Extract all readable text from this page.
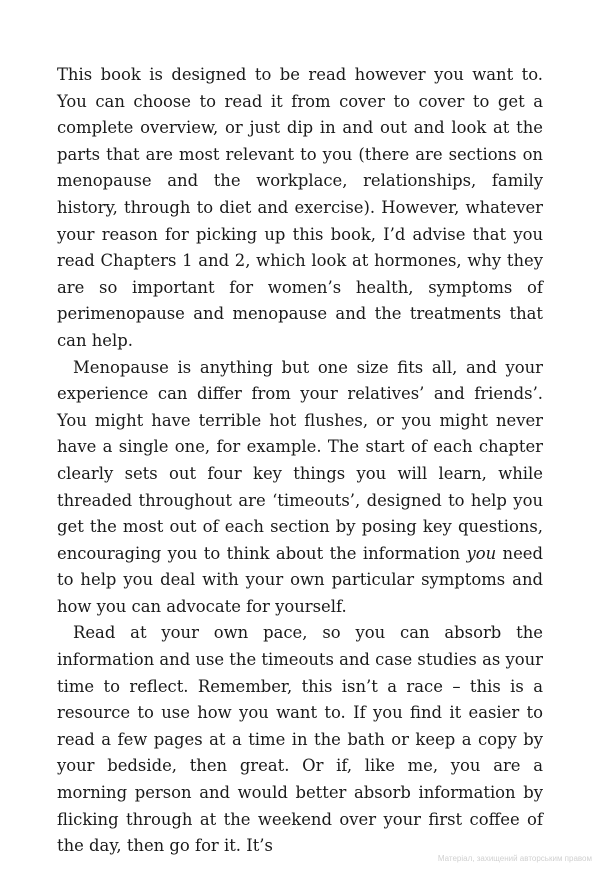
This book is designed to be read however you want to. You can choose to read it from cover to cover to get a complete overview, or just dip in and out and look at the parts that are most relevant to you (there are sections on menopause and the workplace, relationships, family history, through to diet and exercise). However, whatever your reason for picking up this book, I’d advise that you read Chapters 1 and 2, which look at hormones, why they are so important for women’s health, symptoms of perimenopause and menopause and the treatments that can help.

Menopause is anything but one size fits all, and your experience can differ from your relatives’ and friends’. You might have terrible hot flushes, or you might never have a single one, for example. The start of each chapter clearly sets out four key things you will learn, while threaded throughout are ‘timeouts’, designed to help you get the most out of each section by posing key questions, encouraging you to think about the information you need to help you deal with your own particular symptoms and how you can advocate for yourself.

Read at your own pace, so you can absorb the information and use the timeouts and case studies as your time to reflect. Remember, this isn’t a race – this is a resource to use how you want to. If you find it easier to read a few pages at a time in the bath or keep a copy by your bedside, then great. Or if, like me, you are a morning person and would better absorb information by flicking through at the weekend over your first coffee of the day, then go for it. It’s

Матеріал, захищений авторським правом
